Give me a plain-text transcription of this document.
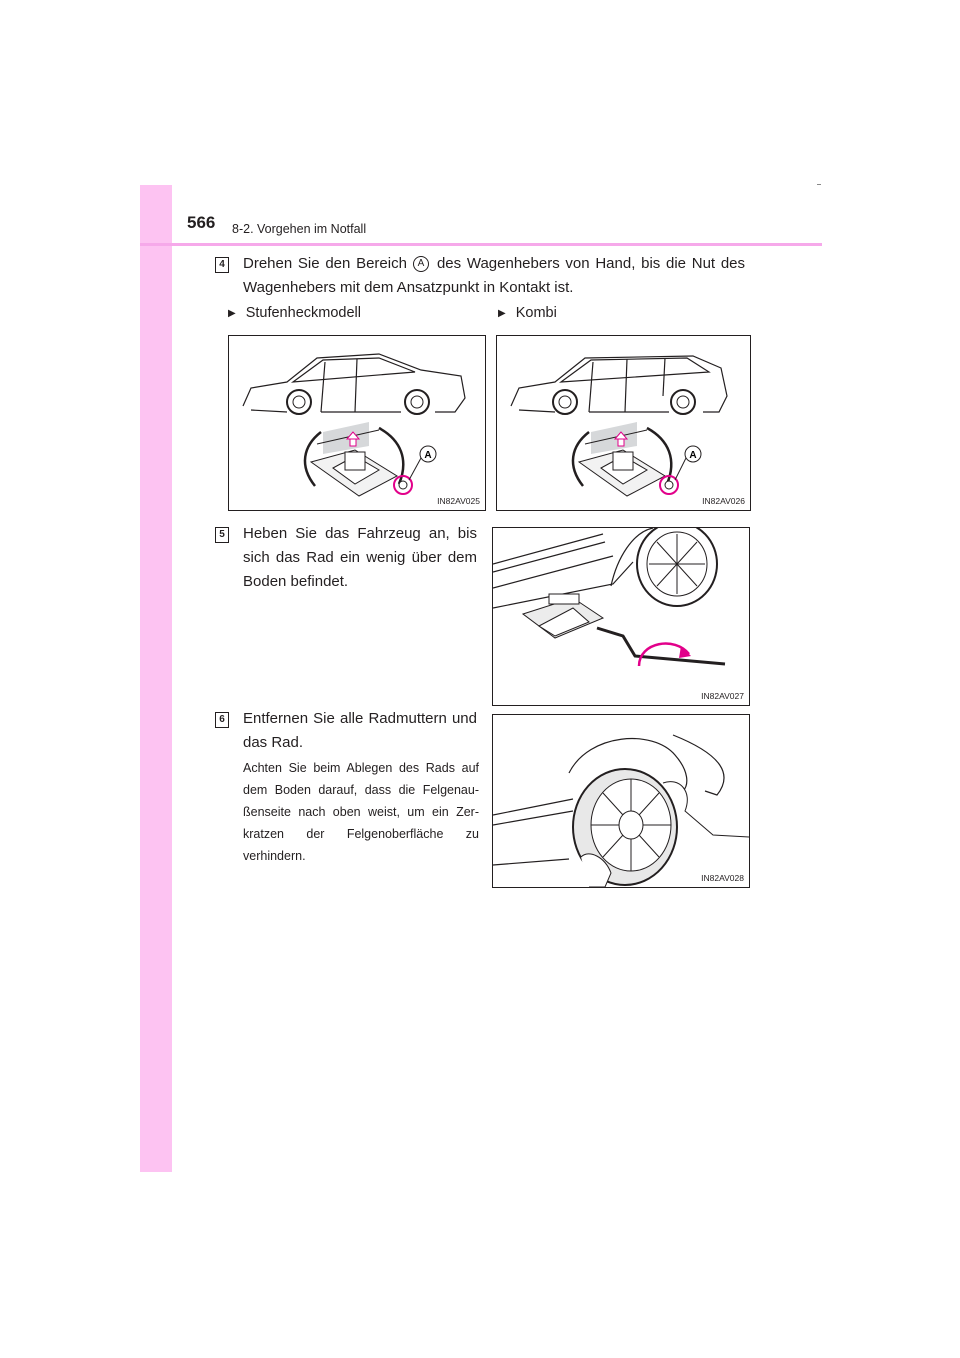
566 8-2. Vorgehen im Notfall
4 Drehen Sie den Bereich A des Wagenhebers von Hand, bis die Nut des Wagenhebers mit dem Ansatzpunkt in Kontakt ist.
▶ Stufenheckmodell	▶ Kombi
A
IN82AV025
A
IN82AV026
5 Heben Sie das Fahrzeug an, bis sich das Rad ein wenig über dem Boden befindet.
IN82AV027
6 Entfernen Sie alle Radmuttern und das Rad.
Achten Sie beim Ablegen des Rads auf dem Boden darauf, dass die Felgenau-ßenseite nach oben weist, um ein Zer-kratzen der Felgenoberfläche zu verhindern.
IN82AV028
